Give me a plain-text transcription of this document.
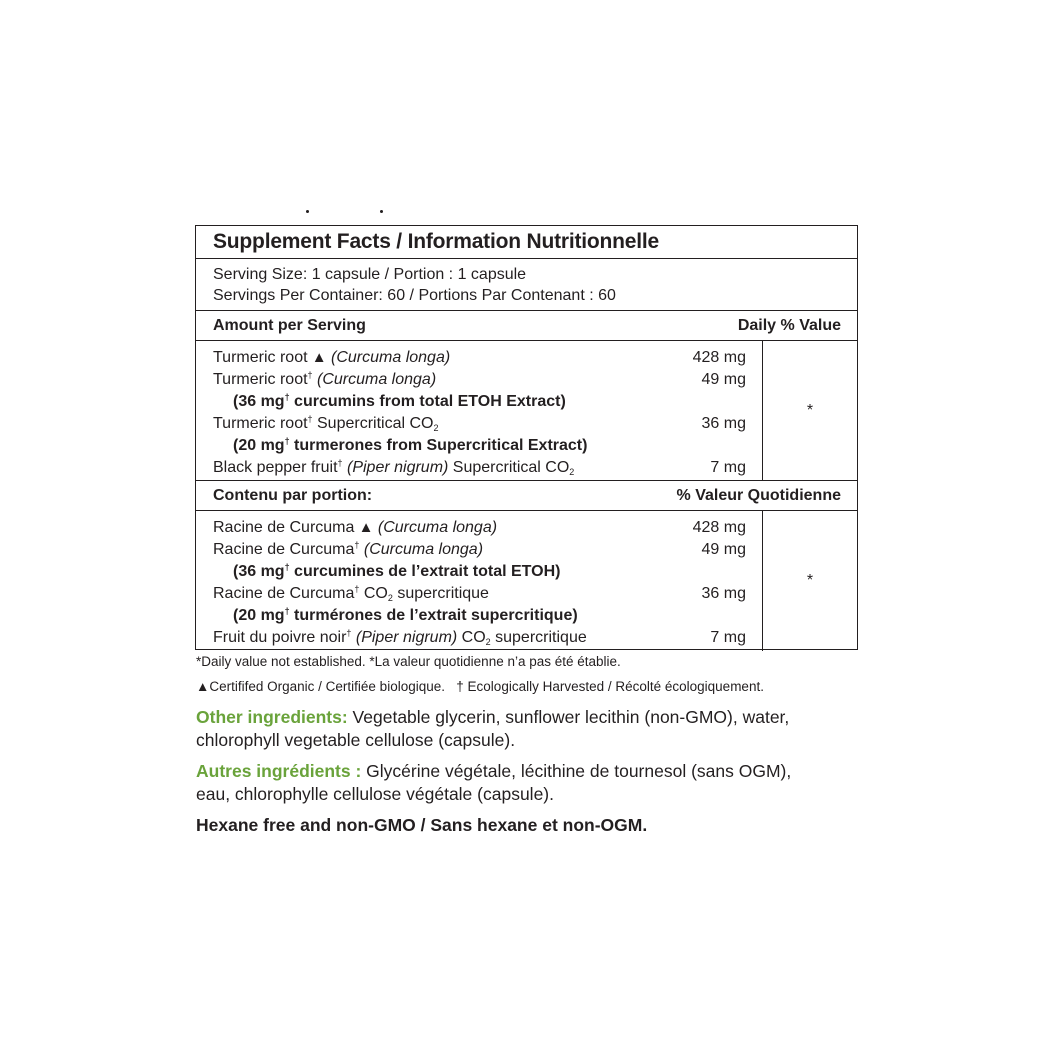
Supplement Facts / Information Nutritionnelle
Serving Size: 1 capsule / Portion : 1 capsule
Servings Per Container: 60 / Portions Par Contenant : 60
Amount per Serving	Daily % Value
Turmeric root ▲ (Curcuma longa)
Turmeric root† (Curcuma longa)
(36 mg† curcumins from total ETOH Extract)
Turmeric root† Supercritical $CO_2$
(20 mg† turmerones from Supercritical Extract)
Black pepper fruit† (Piper nigrum) Supercritical $CO_2$
428 mg
49 mg
36 mg
7 mg
*
Contenu par portion:	% Valeur Quotidienne
Racine de Curcuma ▲ (Curcuma longa)
Racine de Curcuma† (Curcuma longa)
(36 mg† curcumines de l’extrait total ETOH)
Racine de Curcuma† $CO_2$ supercritique
(20 mg† turmérones de l’extrait supercritique)
Fruit du poivre noir† (Piper nigrum) $CO_2$ supercritique
428 mg
49 mg
36 mg
7 mg
*
*Daily value not established. *La valeur quotidienne n’a pas été établie.
▲Certififed Organic / Certifiée biologique. † Ecologically Harvested / Récolté écologiquement.
Other ingredients: Vegetable glycerin, sunflower lecithin (non-GMO), water,
chlorophyll vegetable cellulose (capsule).
Autres ingrédients : Glycérine végétale, lécithine de tournesol (sans OGM),
eau, chlorophylle cellulose végétale (capsule).
Hexane free and non-GMO / Sans hexane et non-OGM.
